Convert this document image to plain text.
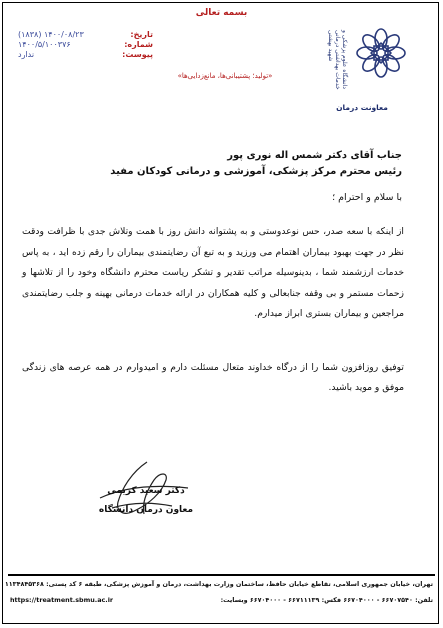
بسمه تعالی
تاریخ:
۱۴۰۰/۰۸/۲۳ (۱۸۳۸)
شماره:
۱۴۰۰/۵/۱۰۰۳۷۶
پیوست:
ندارد	دانشگاه علوم پزشکی و خدمات بهداشتی درمانی شهید بهشتی
«تولید؛ پشتیبانی‌ها، مانع‌زدایی‌ها»
معاونت درمان
جناب آقای دکتر شمس اله نوری پور
رئیس محترم مرکز پزشکی، آموزشی و درمانی کودکان مفید
با سلام و احترام ؛
از اینکه با سعه صدر، حس نوعدوستی و به پشتوانه دانش روز با همت وتلاش جدی با ظرافت ودقت نظر در جهت بهبود بیماران اهتمام می ورزید و به تبع آن رضایتمندی بیماران را رقم زده اید ، به پاس خدمات ارزشمند شما ، بدینوسیله مراتب تقدیر و تشکر ریاست محترم دانشگاه وخود را از تلاشها و زحمات مستمر و بی وقفه جنابعالی و کلیه همکاران در ارائه خدمات درمانی بهینه و جلب رضایتمندی مراجعین و بیماران بستری ابراز میدارم.
توفیق روزافزون شما را از درگاه خداوند متعال مسئلت دارم و امیدوارم در همه عرصه های زندگی موفق و موید باشید.
دکتر سعید کریمی
معاون درمان دانشگاه
تهران، خیابان جمهوری اسلامی، تقاطع خیابان حافظ، ساختمان وزارت بهداشت، درمان و آموزش پزشکی، طبقه ۶ کد پستی: ۱۱۳۴۸۴۵۳۶۸
تلفن: ۶۶۷۰۷۵۴۰ - ۶۶۷۰۴۰۰۰ فکس: ۶۶۷۱۱۱۳۹ - ۶۶۷۰۴۰۰۰ وبسایت:
https://treatment.sbmu.ac.ir
